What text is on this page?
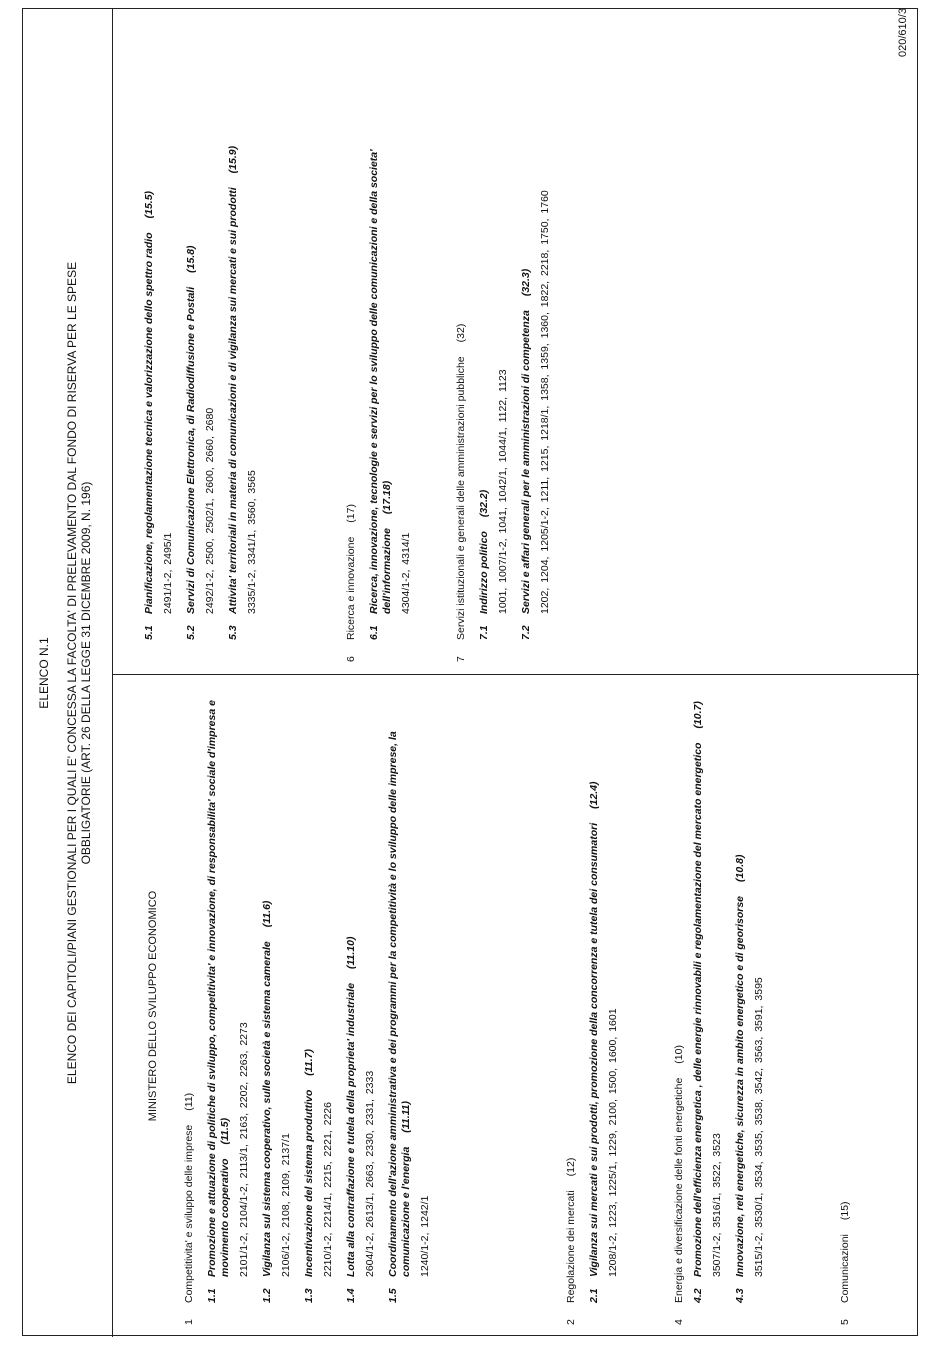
020/610/3
ELENCO N.1 ELENCO DEI CAPITOLI/PIANI GESTIONALI PER I QUALI E' CONCESSA LA FACOLTA' DI PRELEVAMENTO DAL FONDO DI RISERVA PER LE SPESE OBBLIGATORIE (ART. 26 DELLA LEGGE 31 DICEMBRE 2009, N. 196)
MINISTERO DELLO SVILUPPO ECONOMICO
1
Competitivita' e sviluppo delle imprese
(11)
1.1
Promozione e attuazione di politiche di sviluppo, competitivita' e innovazione, di responsabilita' sociale d'impresa e movimento cooperativo(11.5) 2101/1-2, 2104/1-2, 2113/1, 2163, 2202, 2263, 2273
1.2
Vigilanza sul sistema cooperativo, sulle società e sistema camerale(11.6)
2106/1-2, 2108, 2109, 2137/1
1.3
Incentivazione del sistema produttivo(11.7)
2210/1-2, 2214/1, 2215, 2221, 2226
1.4
Lotta alla contraffazione e tutela della proprieta' industriale(11.10)
2604/1-2, 2613/1, 2663, 2330, 2331, 2333
1.5
Coordinamento dell'azione amministrativa e dei programmi per la competitività e lo sviluppo delle imprese, la comunicazione e l'energia(11.11)
1240/1-2, 1242/1
2
Regolazione dei mercati
(12)
2.1
Vigilanza sui mercati e sui prodotti, promozione della concorrenza e tutela dei consumatori(12.4)
1208/1-2, 1223, 1225/1, 1229, 2100, 1500, 1600, 1601
4
Energia e diversificazione delle fonti energetiche
(10)
4.2
Promozione dell'efficienza energetica , delle energie rinnovabili e regolamentazione del mercato energetico(10.7)
3507/1-2, 3516/1, 3522, 3523
4.3
Innovazione, reti energetiche, sicurezza in ambito energetico e di georisorse(10.8)
3515/1-2, 3530/1, 3534, 3535, 3538, 3542, 3563, 3591, 3595
5
Comunicazioni
(15)
5.1
Pianificazione, regolamentazione tecnica e valorizzazione dello spettro radio(15.5)
2491/1-2, 2495/1
5.2
Servizi di Comunicazione Elettronica, di Radiodiffusione e Postali(15.8)
2492/1-2, 2500, 2502/1, 2600, 2660, 2680
5.3
Attivita' territoriali in materia di comunicazioni e di vigilanza sui mercati e sui prodotti(15.9)
3335/1-2, 3341/1, 3560, 3565
6
Ricerca e innovazione
(17)
6.1
Ricerca, innovazione, tecnologie e servizi per lo sviluppo delle comunicazioni e della societa' dell'informazione(17.18)
4304/1-2, 4314/1
7
Servizi istituzionali e generali delle amministrazioni pubbliche
(32)
7.1
Indirizzo politico(32.2) 1001, 1007/1-2, 1041, 1042/1, 1044/1, 1122, 1123
7.2
Servizi e affari generali per le amministrazioni di competenza(32.3) 1202, 1204, 1205/1-2, 1211, 1215, 1218/1, 1358, 1359, 1360, 1822, 2218, 1750, 1760
